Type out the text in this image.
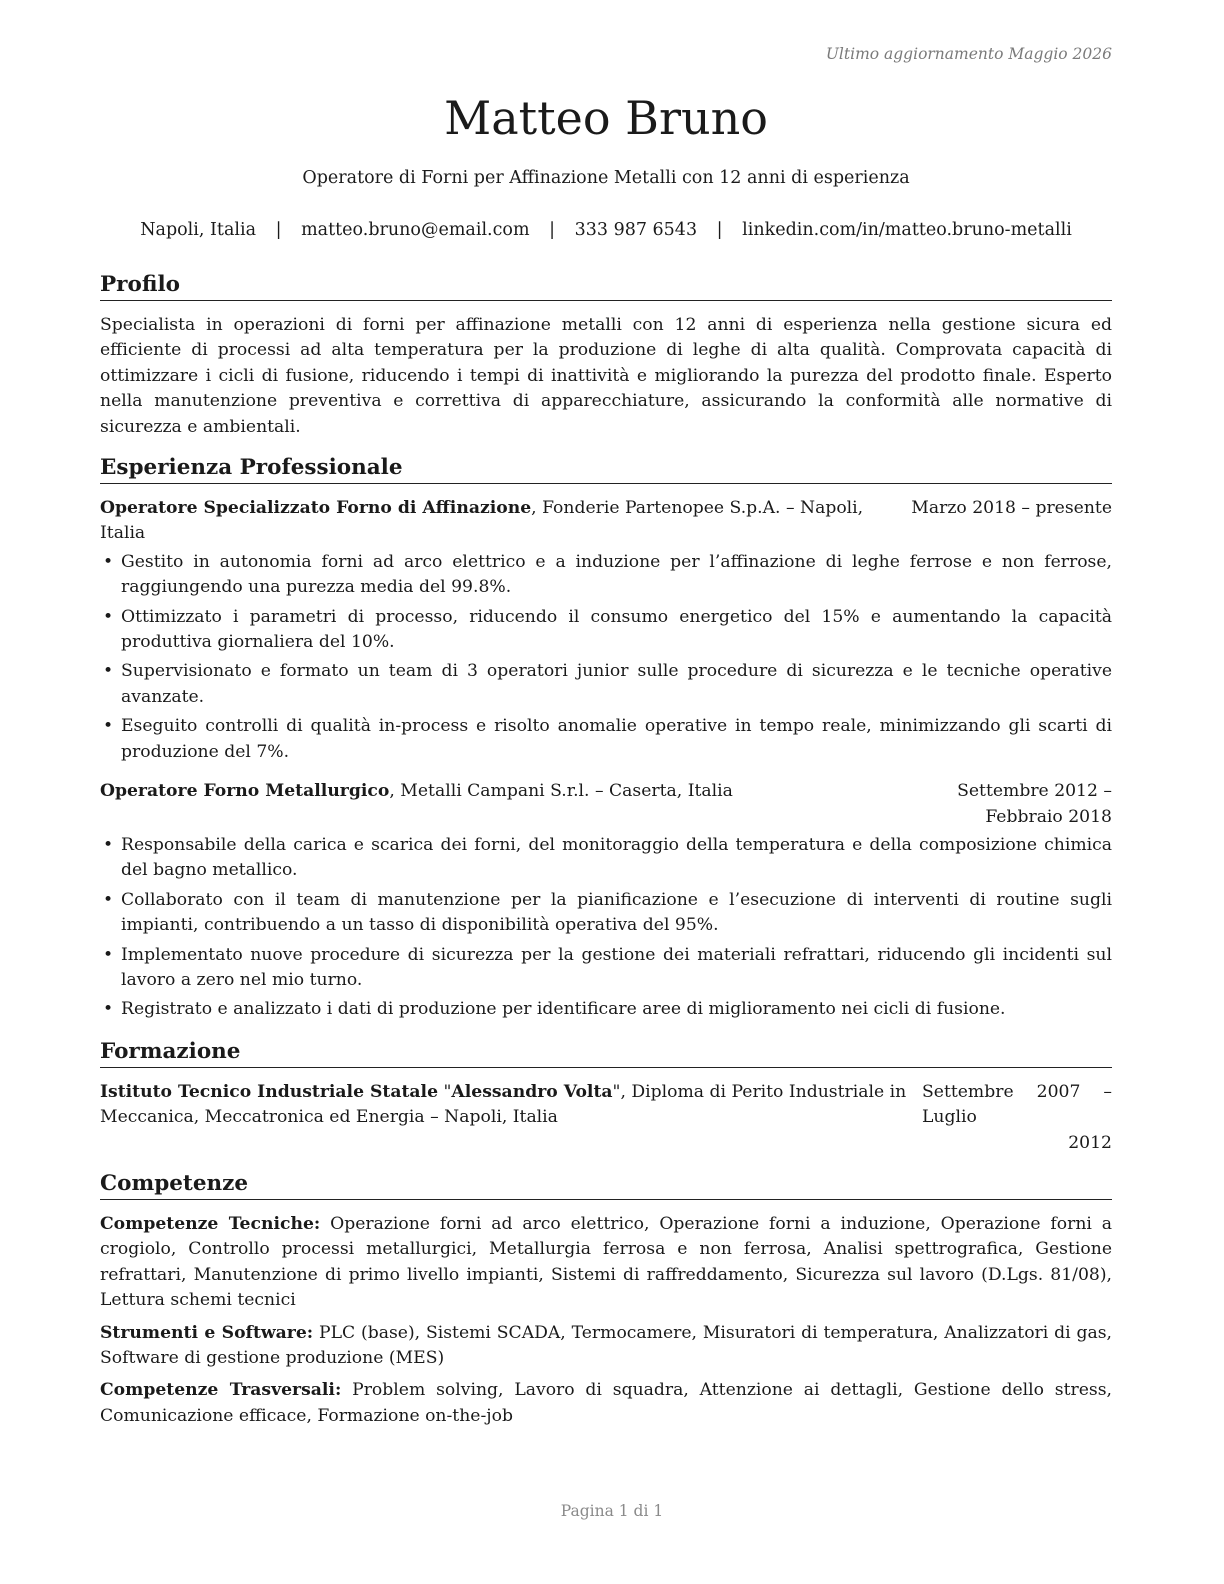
Ultimo aggiornamento Maggio 2026
Matteo Bruno
Operatore di Forni per Affinazione Metalli con 12 anni di esperienza
Napoli, Italia | matteo.bruno@email.com | 333 987 6543 | linkedin.com/in/matteo.bruno-metalli
Profilo

Specialista in operazioni di forni per affinazione metalli con 12 anni di esperienza nella gestione sicura ed efficiente di processi ad alta temperatura per la produzione di leghe di alta qualità. Comprovata capacità di ottimizzare i cicli di fusione, riducendo i tempi di inattività e migliorando la purezza del prodotto finale. Esperto nella manutenzione preventiva e correttiva di apparecchiature, assicurando la conformità alle normative di sicurezza e ambientali.

Esperienza Professionale
Operatore Specializzato Forno di Affinazione, Fonderie Partenopee S.p.A. – Napoli, Italia
Marzo 2018 – presente
• Gestito in autonomia forni ad arco elettrico e a induzione per l’affinazione di leghe ferrose e non ferrose, raggiungendo una purezza media del 99.8%.
• Ottimizzato i parametri di processo, riducendo il consumo energetico del 15% e aumentando la capacità produttiva giornaliera del 10%.
• Supervisionato e formato un team di 3 operatori junior sulle procedure di sicurezza e le tecniche operative avanzate.
• Eseguito controlli di qualità in-process e risolto anomalie operative in tempo reale, minimizzando gli scarti di produzione del 7%.
Operatore Forno Metallurgico, Metalli Campani S.r.l. – Caserta, Italia	Settembre 2012 – Febbraio 2018
• Responsabile della carica e scarica dei forni, del monitoraggio della temperatura e della composizione chimica del bagno metallico.
• Collaborato con il team di manutenzione per la pianificazione e l’esecuzione di interventi di routine sugli impianti, contribuendo a un tasso di disponibilità operativa del 95%.
• Implementato nuove procedure di sicurezza per la gestione dei materiali refrattari, riducendo gli incidenti sul lavoro a zero nel mio turno.
• Registrato e analizzato i dati di produzione per identificare aree di miglioramento nei cicli di fusione.
Formazione
Istituto Tecnico Industriale Statale "Alessandro Volta", Diploma di Perito Industriale in Meccanica, Meccatronica ed Energia – Napoli, Italia
Settembre 2007 – Luglio
2012
Competenze

Competenze Tecniche: Operazione forni ad arco elettrico, Operazione forni a induzione, Operazione forni a crogiolo, Controllo processi metallurgici, Metallurgia ferrosa e non ferrosa, Analisi spettrografica, Gestione refrattari, Manutenzione di primo livello impianti, Sistemi di raffreddamento, Sicurezza sul lavoro (D.Lgs. 81/08), Lettura schemi tecnici

Strumenti e Software: PLC (base), Sistemi SCADA, Termocamere, Misuratori di temperatura, Analizzatori di gas, Software di gestione produzione (MES)

Competenze Trasversali: Problem solving, Lavoro di squadra, Attenzione ai dettagli, Gestione dello stress, Comunicazione efficace, Formazione on-the-job

Pagina 1 di 1
